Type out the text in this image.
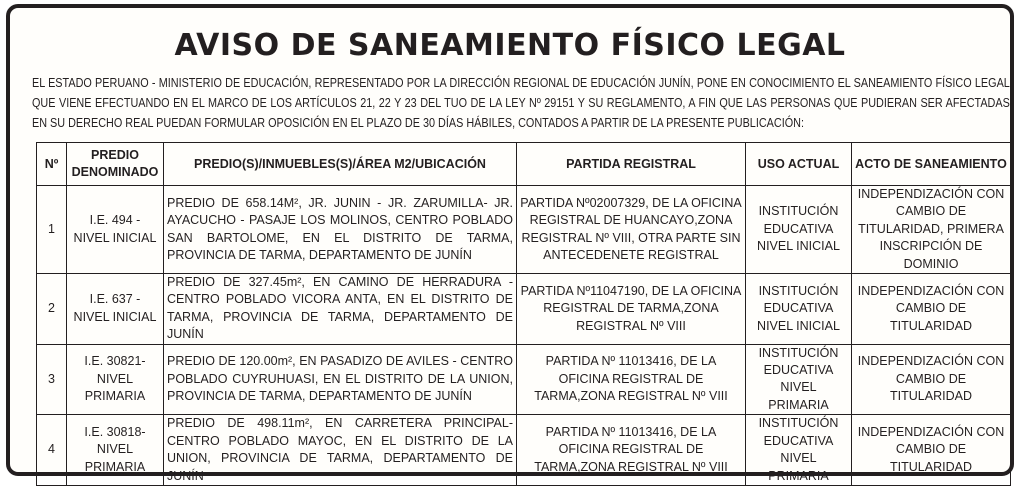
AVISO DE SANEAMIENTO FÍSICO LEGAL
EL ESTADO PERUANO - MINISTERIO DE EDUCACIÓN, REPRESENTADO POR LA DIRECCIÓN REGIONAL DE EDUCACIÓN JUNÍN, PONE EN CONOCIMIENTO EL SANEAMIENTO FÍSICO LEGAL QUE VIENE EFECTUANDO EN EL MARCO DE LOS ARTÍCULOS 21, 22 Y 23 DEL TUO DE LA LEY Nº 29151 Y SU REGLAMENTO, A FIN QUE LAS PERSONAS QUE PUDIERAN SER AFECTADAS EN SU DERECHO REAL PUEDAN FORMULAR OPOSICIÓN EN EL PLAZO DE 30 DÍAS HÁBILES, CONTADOS A PARTIR DE LA PRESENTE PUBLICACIÓN:
Nº	PREDIO DENOMINADO	PREDIO(S)/INMUEBLES(S)/ÁREA M2/UBICACIÓN	PARTIDA REGISTRAL	USO ACTUAL	ACTO DE SANEAMIENTO
1	I.E. 494 - NIVEL INICIAL	PREDIO DE 658.14M², JR. JUNIN - JR. ZARUMILLA- JR. AYACUCHO - PASAJE LOS MOLINOS, CENTRO POBLADO SAN BARTOLOME, EN EL DISTRITO DE TARMA, PROVINCIA DE TARMA, DEPARTAMENTO DE JUNÍN	PARTIDA Nº02007329, DE LA OFICINA REGISTRAL DE HUANCAYO,ZONA REGISTRAL Nº VIII, OTRA PARTE SIN ANTECEDENETE REGISTRAL	INSTITUCIÓN EDUCATIVA NIVEL INICIAL	INDEPENDIZACIÓN CON CAMBIO DE TITULARIDAD, PRIMERA INSCRIPCIÓN DE DOMINIO
2	I.E. 637 - NIVEL INICIAL	PREDIO DE 327.45m², EN CAMINO DE HERRADURA - CENTRO POBLADO VICORA ANTA, EN EL DISTRITO DE TARMA, PROVINCIA DE TARMA, DEPARTAMENTO DE JUNÍN	PARTIDA Nº11047190, DE LA OFICINA REGISTRAL DE TARMA,ZONA REGISTRAL Nº VIII	INSTITUCIÓN EDUCATIVA NIVEL INICIAL	INDEPENDIZACIÓN CON CAMBIO DE TITULARIDAD
3	I.E. 30821- NIVEL PRIMARIA	PREDIO DE 120.00m², EN PASADIZO DE AVILES - CENTRO POBLADO CUYRUHUASI, EN EL DISTRITO DE LA UNION, PROVINCIA DE TARMA, DEPARTAMENTO DE JUNÍN	PARTIDA Nº 11013416, DE LA OFICINA REGISTRAL DE TARMA,ZONA REGISTRAL Nº VIII	INSTITUCIÓN EDUCATIVA NIVEL PRIMARIA	INDEPENDIZACIÓN CON CAMBIO DE TITULARIDAD
4	I.E. 30818- NIVEL PRIMARIA	PREDIO DE 498.11m², EN CARRETERA PRINCIPAL- CENTRO POBLADO MAYOC, EN EL DISTRITO DE LA UNION, PROVINCIA DE TARMA, DEPARTAMENTO DE JUNÍN	PARTIDA Nº 11013416, DE LA OFICINA REGISTRAL DE TARMA,ZONA REGISTRAL Nº VIII	INSTITUCIÓN EDUCATIVA NIVEL PRIMARIA	INDEPENDIZACIÓN CON CAMBIO DE TITULARIDAD
